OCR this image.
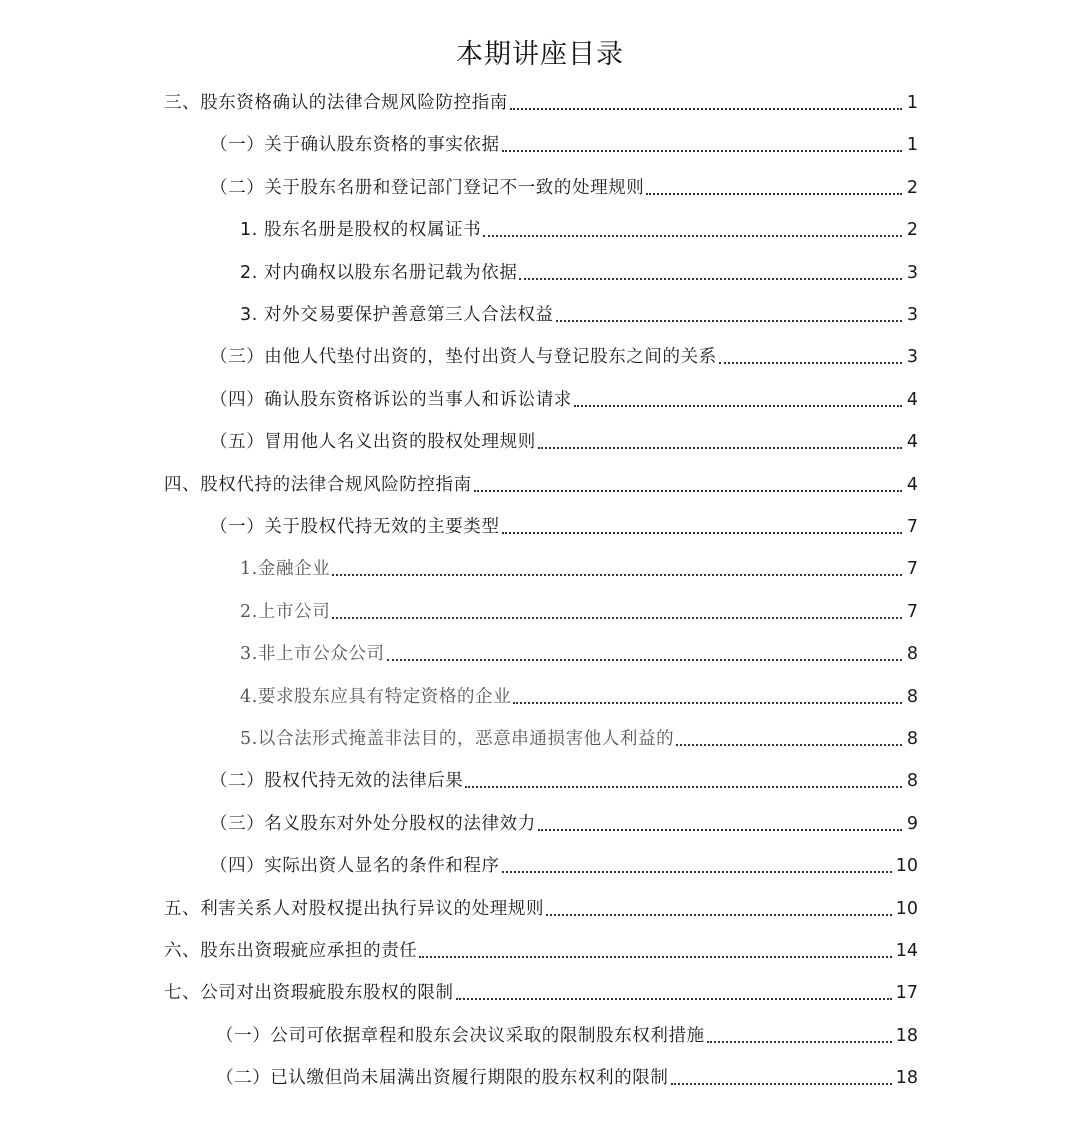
本期讲座目录
三、股东资格确认的法律合规风险防控指南	1
（一）关于确认股东资格的事实依据	1
（二）关于股东名册和登记部门登记不一致的处理规则	2
1. 股东名册是股权的权属证书	2
2. 对内确权以股东名册记载为依据	3
3. 对外交易要保护善意第三人合法权益	3
（三）由他人代垫付出资的，垫付出资人与登记股东之间的关系	3
（四）确认股东资格诉讼的当事人和诉讼请求	4
（五）冒用他人名义出资的股权处理规则	4
四、股权代持的法律合规风险防控指南	4
（一）关于股权代持无效的主要类型	7
1.金融企业	7
2.上市公司	7
3.非上市公众公司	8
4.要求股东应具有特定资格的企业	8
5.以合法形式掩盖非法目的，恶意串通损害他人利益的	8
（二）股权代持无效的法律后果	8
（三）名义股东对外处分股权的法律效力	9
（四）实际出资人显名的条件和程序	10
五、利害关系人对股权提出执行异议的处理规则	10
六、股东出资瑕疵应承担的责任	14
七、公司对出资瑕疵股东股权的限制	17
（一）公司可依据章程和股东会决议采取的限制股东权利措施	18
（二）已认缴但尚未届满出资履行期限的股东权利的限制	18
